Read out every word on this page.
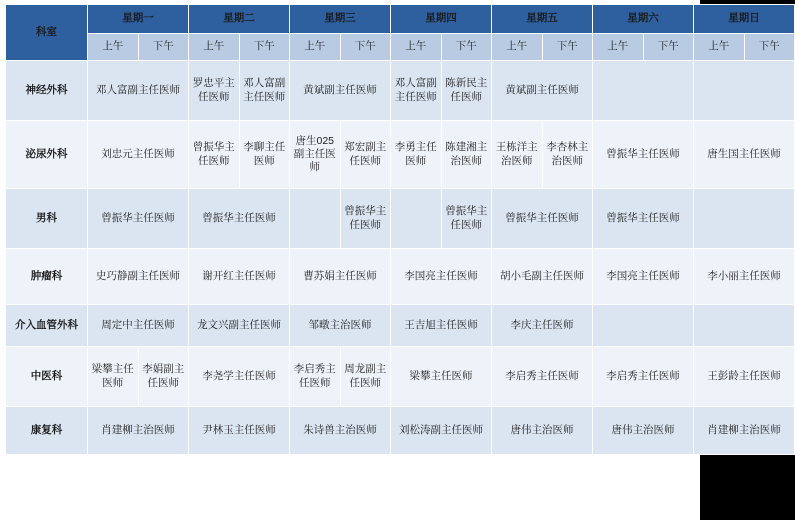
科室	星期一		星期二		星期三		星期四		星期五		星期六		星期日	
	上午	下午	上午	下午	上午	下午	上午	下午	上午	下午	上午	下午	上午	下午
神经外科	邓人富副主任医师		罗忠平主任医师	邓人富副主任医师	黄斌副主任医师		邓人富副主任医师	陈新民主任医师	黄斌副主任医师					
泌尿外科	刘忠元主任医师		曾振华主任医师	李聊主任医师	唐生025副主任医师	郑宏副主任医师	李勇主任医师	陈建湘主治医师	王栋洋主治医师	李杏林主治医师	曾振华主任医师		唐生国主任医师	
男科	曾振华主任医师		曾振华主任医师			曾振华主任医师		曾振华主任医师	曾振华主任医师		曾振华主任医师			
肿瘤科	史巧静副主任医师		谢开红主任医师		曹苏娟主任医师		李国亮主任医师		胡小毛副主任医师		李国亮主任医师		李小丽主任医师	
介入血管外科	周定中主任医师		龙文兴副主任医师		邹暾主治医师		王吉旭主任医师		李庆主任医师					
中医科	梁攀主任医师	李娟副主任医师	李尧学主任医师		李启秀主任医师	周龙副主任医师	梁攀主任医师		李启秀主任医师		李启秀主任医师		王彭龄主任医师	
康复科	肖建柳主治医师		尹林玉主任医师		朱诗兽主治医师		刘松涛副主任医师		唐伟主治医师		唐伟主治医师		肖建柳主治医师	
